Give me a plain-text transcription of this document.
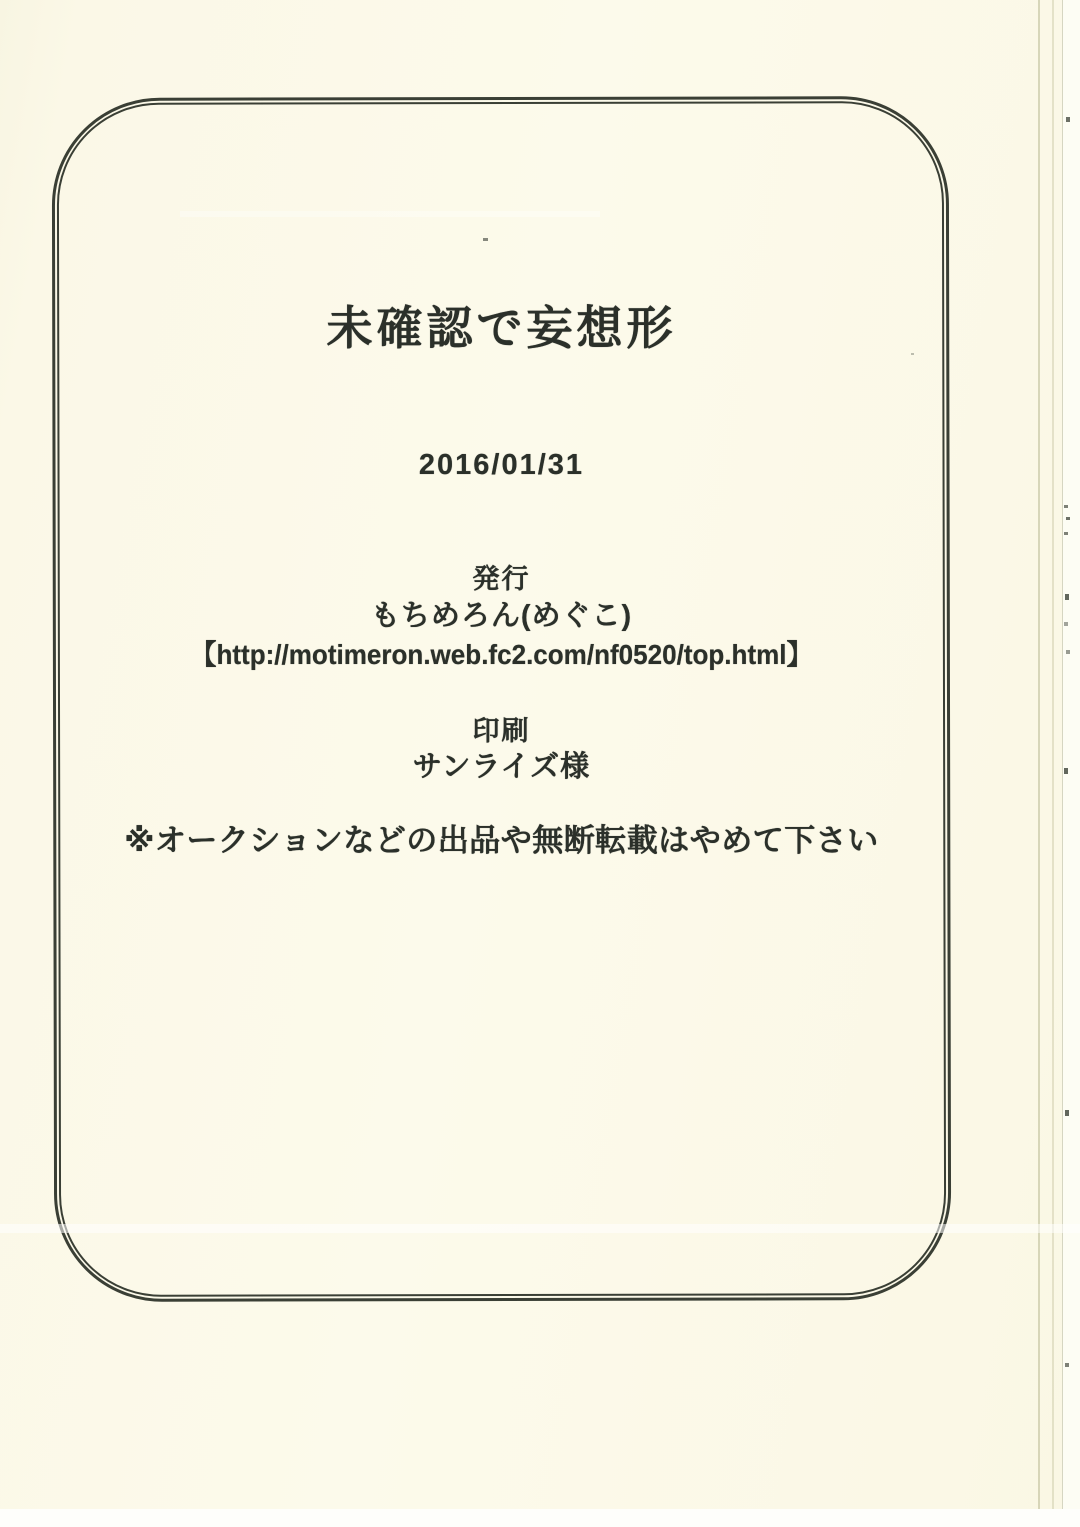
未確認で妄想形
2016/01/31
発行
もちめろん(めぐこ)
【http://motimeron.web.fc2.com/nf0520/top.html】
印刷
サンライズ様
※オークションなどの出品や無断転載はやめて下さい
